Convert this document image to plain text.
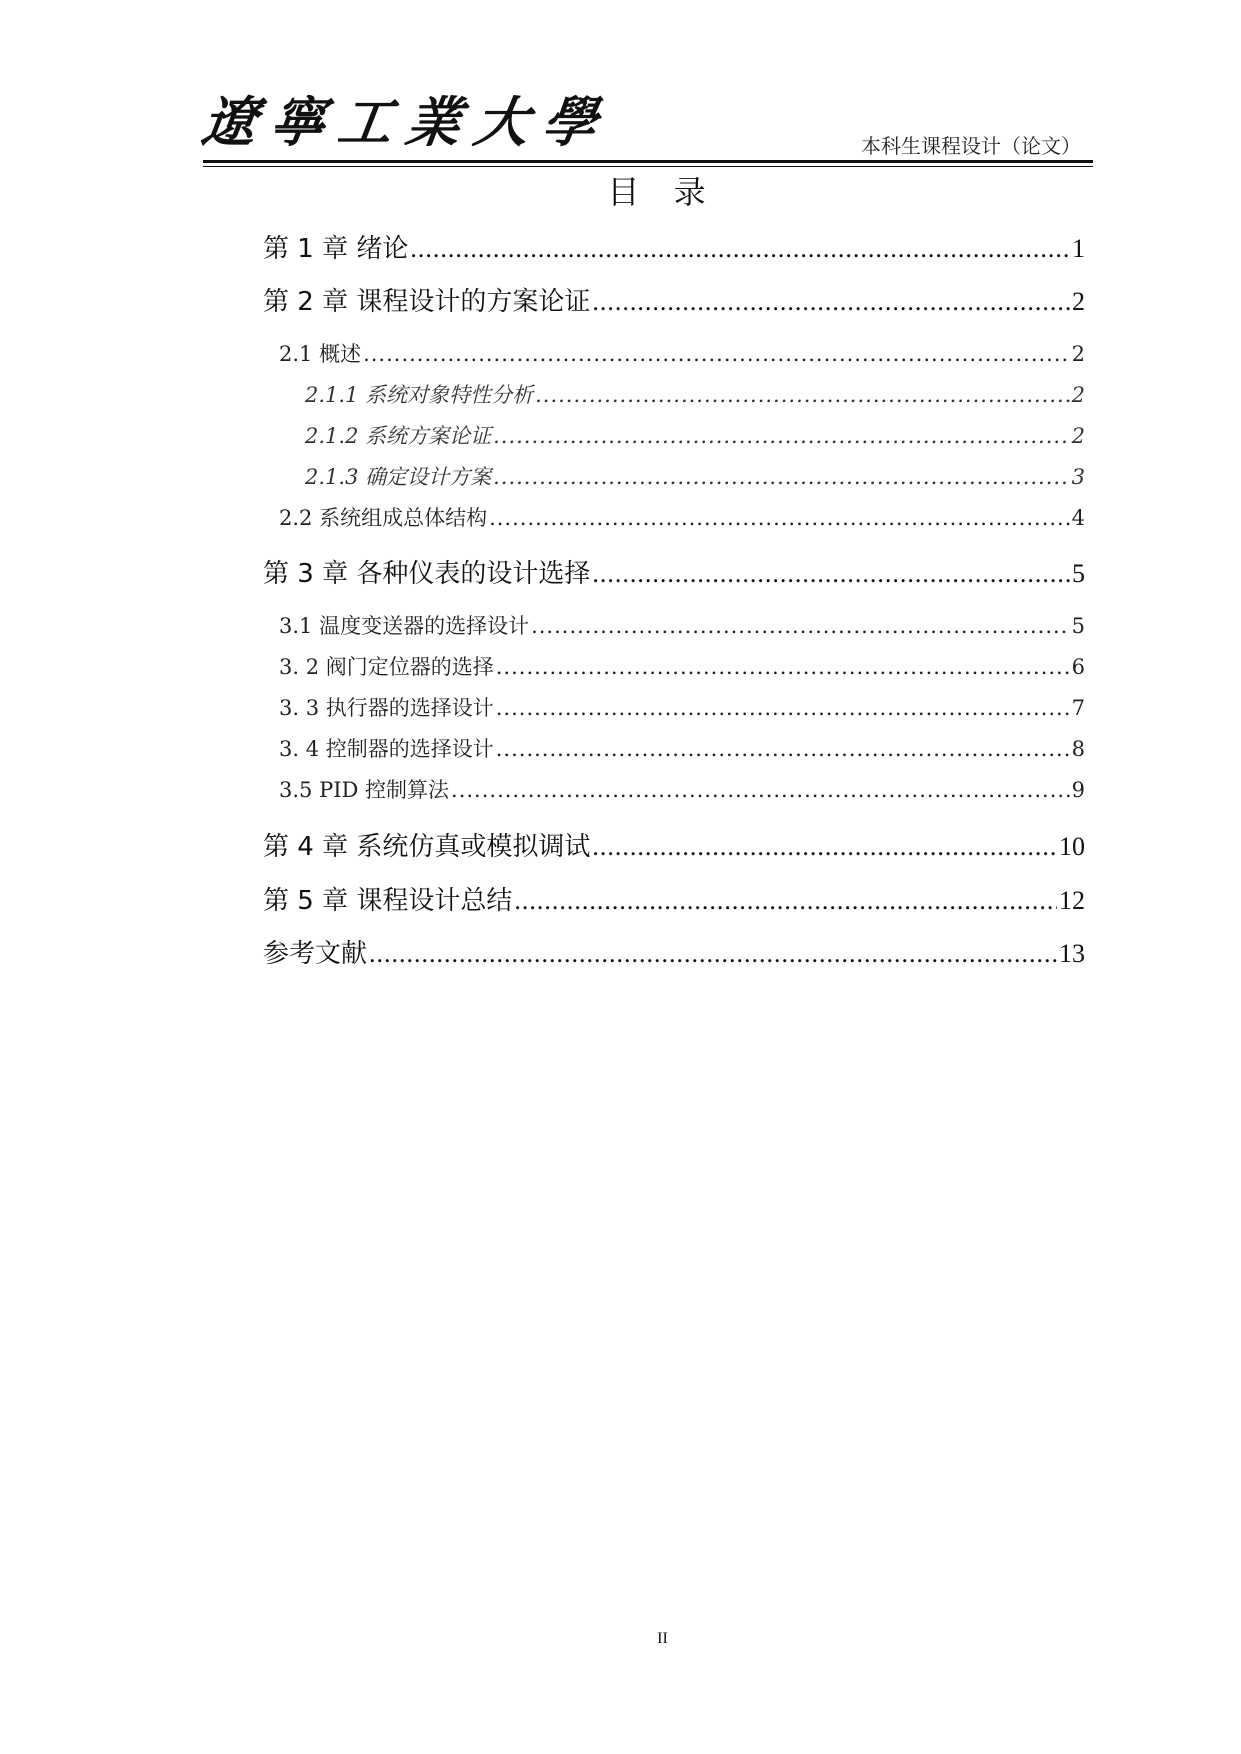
遼寧工業大學	本科生课程设计（论文）
目 录
第 1 章 绪论 .....	1
第 2 章 课程设计的方案论证 .....	2
2.1 概述 .....	2
2.1.1 系统对象特性分析 .....	2
2.1.2 系统方案论证 .....	2
2.1.3 确定设计方案 .....	3
2.2 系统组成总体结构 .....	4
第 3 章 各种仪表的设计选择 .....	5
3.1 温度变送器的选择设计 .....	5
3. 2 阀门定位器的选择 .....	6
3. 3 执行器的选择设计 .....	7
3. 4 控制器的选择设计 .....	8
3.5 PID 控制算法 .....	9
第 4 章 系统仿真或模拟调试 .....	10
第 5 章 课程设计总结 .....	12
参考文献 .....	13
II
